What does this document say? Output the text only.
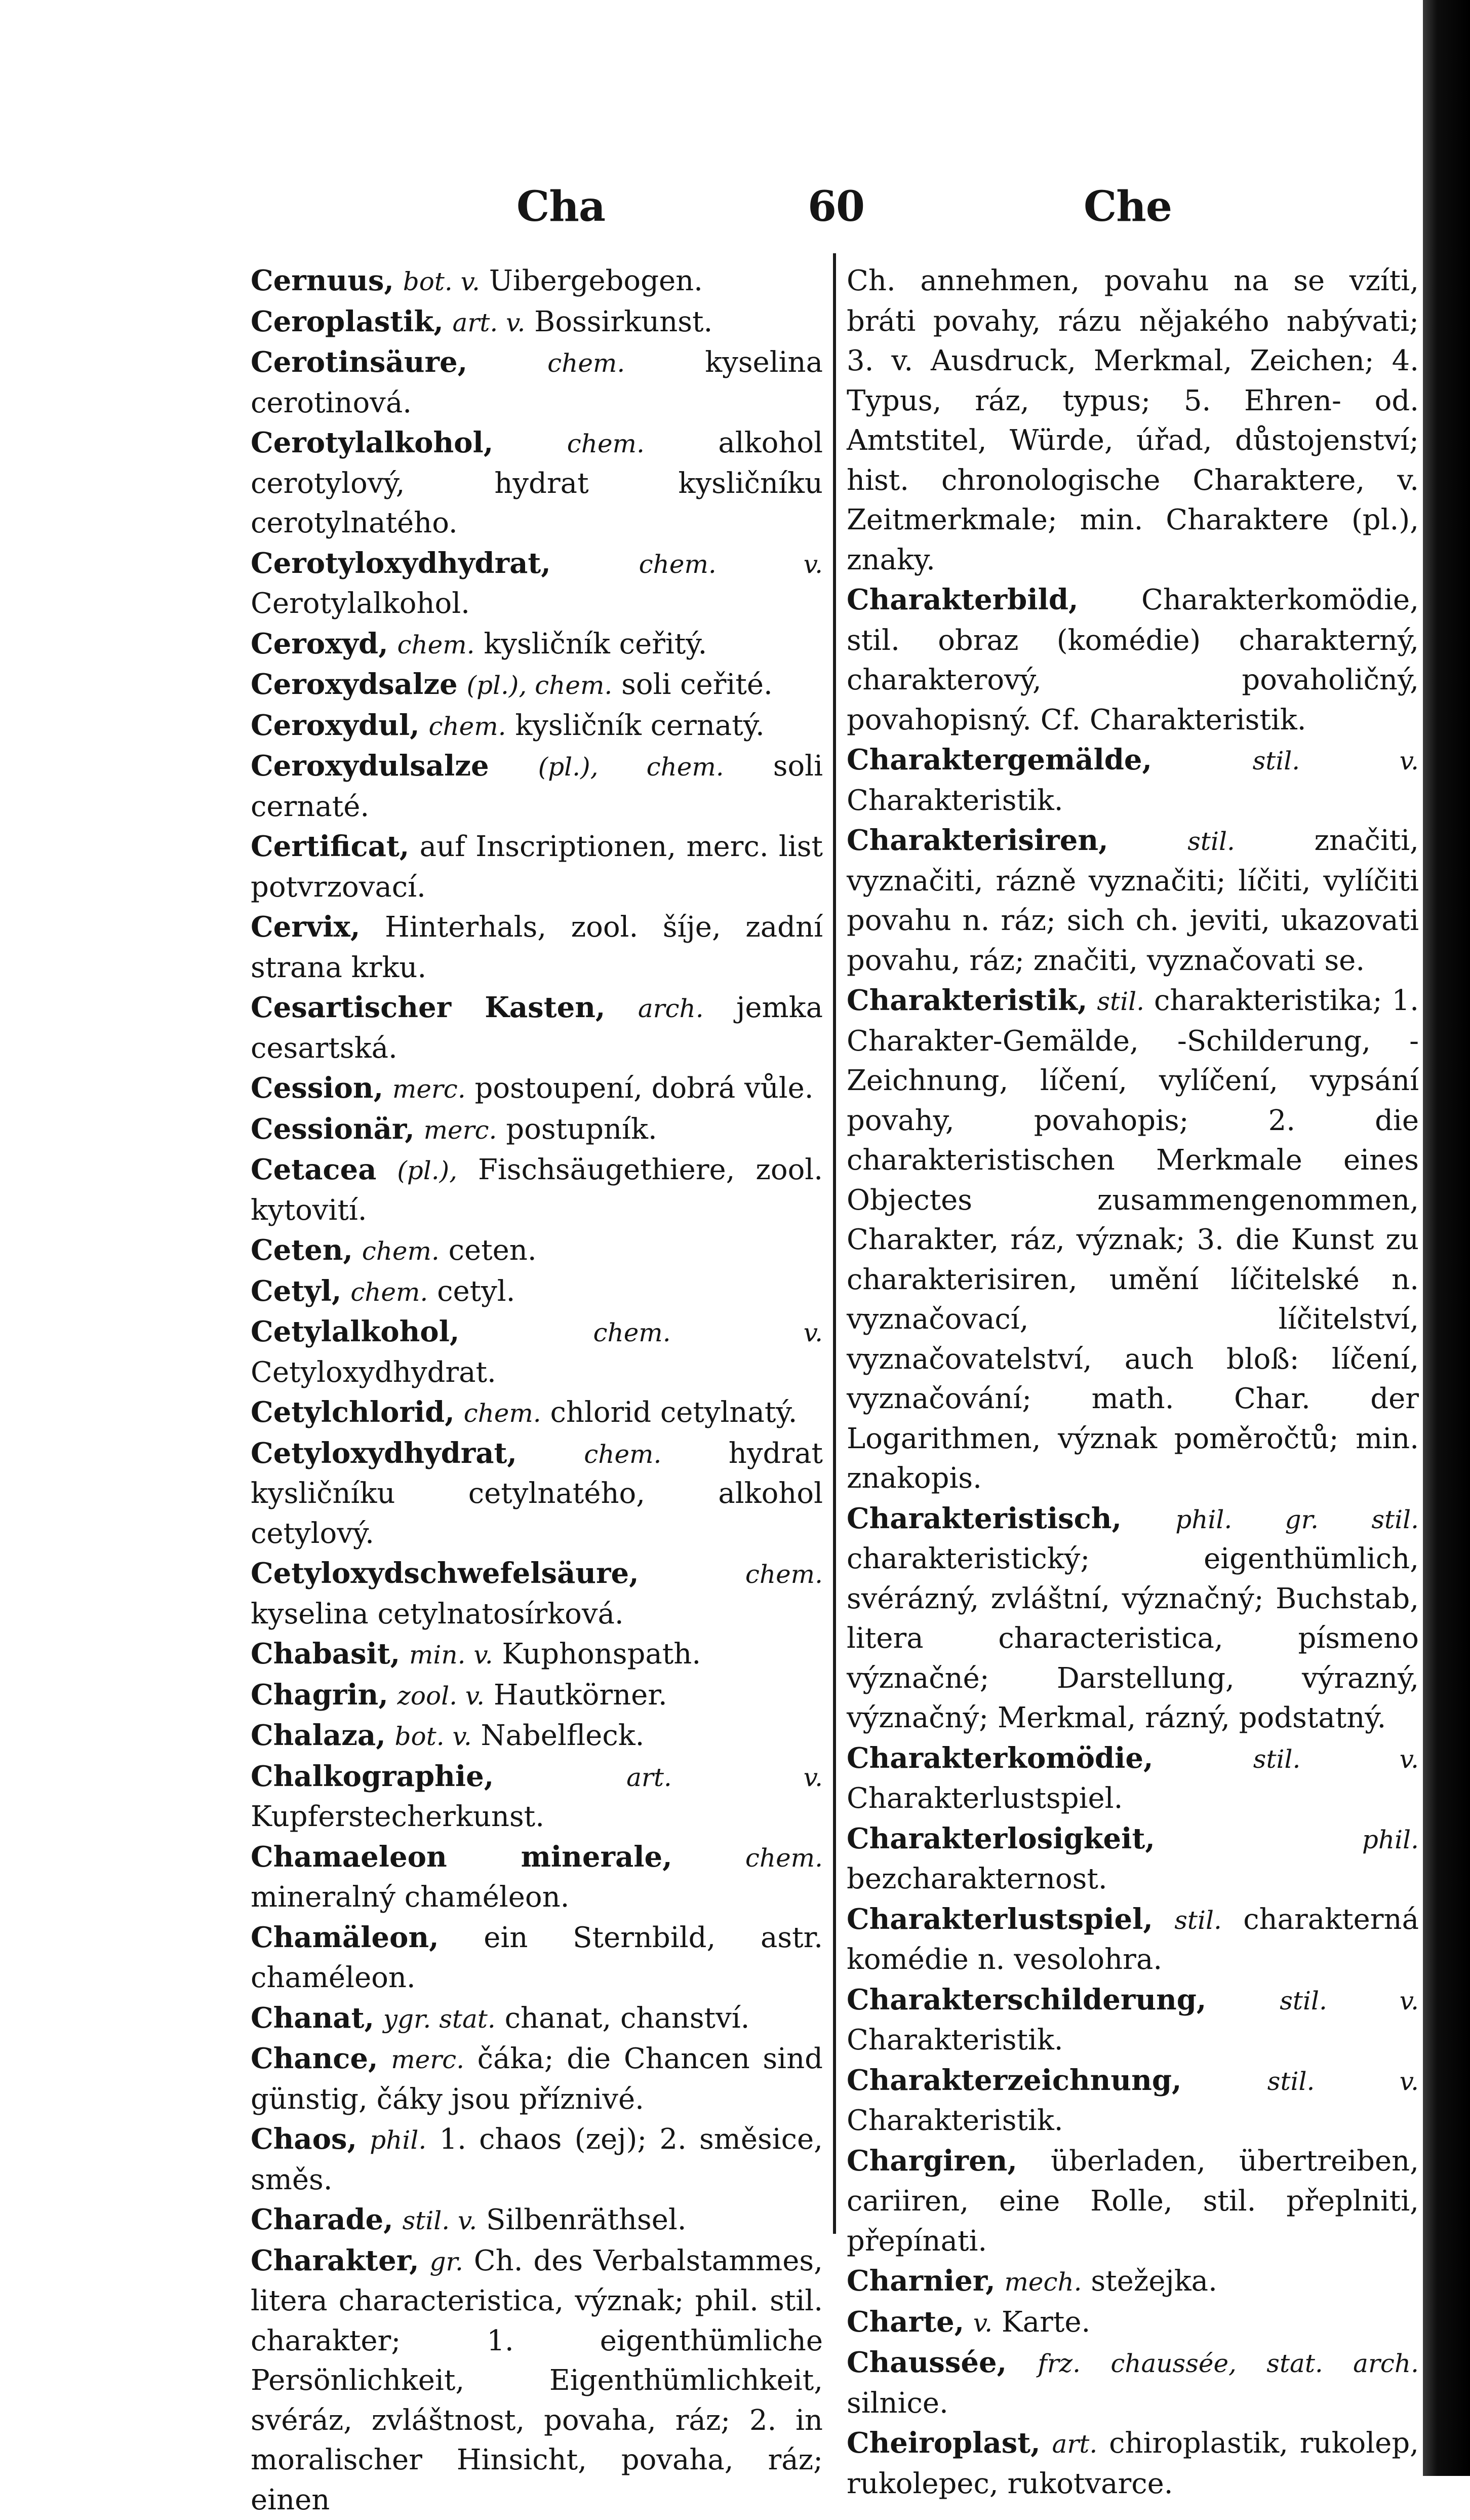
Cha	60	Che

Cernuus, bot. v. Uibergebogen.

Ceroplastik, art. v. Bossirkunst.

Cerotinsäure,	chem.	kyselina cerotinová.

Cerotylalkohol,	chem.	alkohol cerotylový, hydrat kysličníku cerotylnatého.

Cerotyloxydhydrat,	chem. v. Cerotylalkohol.

Ceroxyd, chem. kysličník ceřitý.

Ceroxydsalze (pl.), chem. soli ceřité.

Ceroxydul, chem. kysličník cernatý.

Ceroxydulsalze (pl.), chem. soli cernaté.

Certificat, auf Inscriptionen, merc. list potvrzovací.

Cervix, Hinterhals, zool. šíje, zadní strana krku.

Cesartischer Kasten, arch. jemka cesartská.

Cession, merc. postoupení, dobrá vůle.

Cessionär, merc. postupník.

Cetacea (pl.), Fischsäugethiere, zool. kytovití.

Ceten, chem. ceten.

Cetyl, chem. cetyl.

Cetylalkohol,	chem. v. Cetyloxydhydrat.

Cetylchlorid, chem. chlorid cetylnatý.

Cetyloxydhydrat,	chem. hydrat kysličníku cetylnatého, alkohol cetylový.

Cetyloxydschwefelsäure,	chem. kyselina cetylnatosírková.

Chabasit, min. v. Kuphonspath.

Chagrin, zool. v. Hautkörner.

Chalaza, bot. v. Nabelfleck.

Chalkographie,	art. v. Kupferstecherkunst.

Chamaeleon minerale,	chem. mineralný chaméleon.

Chamäleon, ein Sternbild, astr. chaméleon.

Chanat, ygr. stat. chanat, chanství.

Chance, merc. čáka; die Chancen sind günstig, čáky jsou příznivé.

Chaos, phil. 1. chaos (zej); 2. směsice, směs.

Charade, stil. v. Silbenräthsel.

Charakter, gr. Ch. des Verbalstammes, litera characteristica, význak; phil. stil. charakter; 1. eigenthümliche Persönlichkeit, Eigenthümlichkeit, svéráz, zvláštnost, povaha, ráz; 2. in moralischer Hinsicht, povaha, ráz; einen

Ch. annehmen, povahu na se vzíti, bráti povahy, rázu nějakého nabývati; 3. v. Ausdruck, Merkmal, Zeichen; 4. Typus, ráz, typus; 5. Ehren- od. Amtstitel, Würde, úřad, důstojenství; hist. chronologische Charaktere, v. Zeitmerkmale; min. Charaktere (pl.), znaky.

Charakterbild, Charakterkomödie, stil. obraz (komédie) charakterný, charakterový, povaholičný, povahopisný. Cf. Charakteristik.

Charaktergemälde,	stil. v. Charakteristik.

Charakterisiren,	stil.	značiti, vyznačiti, rázně vyznačiti; líčiti, vylíčiti povahu n. ráz; sich ch. jeviti, ukazovati povahu, ráz; značiti, vyznačovati se.

Charakteristik, stil. charakteristika; 1. Charakter-Gemälde, -Schilderung, -Zeichnung, líčení, vylíčení, vypsání povahy, povahopis; 2. die charakteristischen Merkmale eines Objectes zusammengenommen, Charakter, ráz, význak; 3. die Kunst zu charakterisiren, umění líčitelské n. vyznačovací, líčitelství, vyznačovatelství, auch bloß: líčení, vyznačování; math. Char. der Logarithmen, význak poměročtů; min. znakopis.

Charakteristisch, phil. gr. stil. charakteristický; eigenthümlich, svérázný, zvláštní, význačný; Buchstab, litera characteristica, písmeno význačné; Darstellung, výrazný, význačný; Merkmal, rázný, podstatný.

Charakterkomödie,	stil. v. Charakterlustspiel.

Charakterlosigkeit,	phil. bezcharakternost.

Charakterlustspiel, stil. charakterná komédie n. vesolohra.

Charakterschilderung,	stil. v. Charakteristik.

Charakterzeichnung,	stil. v. Charakteristik.

Chargiren, überladen, übertreiben, cariiren, eine Rolle, stil. přeplniti, přepínati.

Charnier, mech. stežejka.

Charte, v. Karte.

Chaussée, frz. chaussée, stat. arch. silnice.

Cheiroplast, art. chiroplastik, rukolep, rukolepec, rukotvarce.
